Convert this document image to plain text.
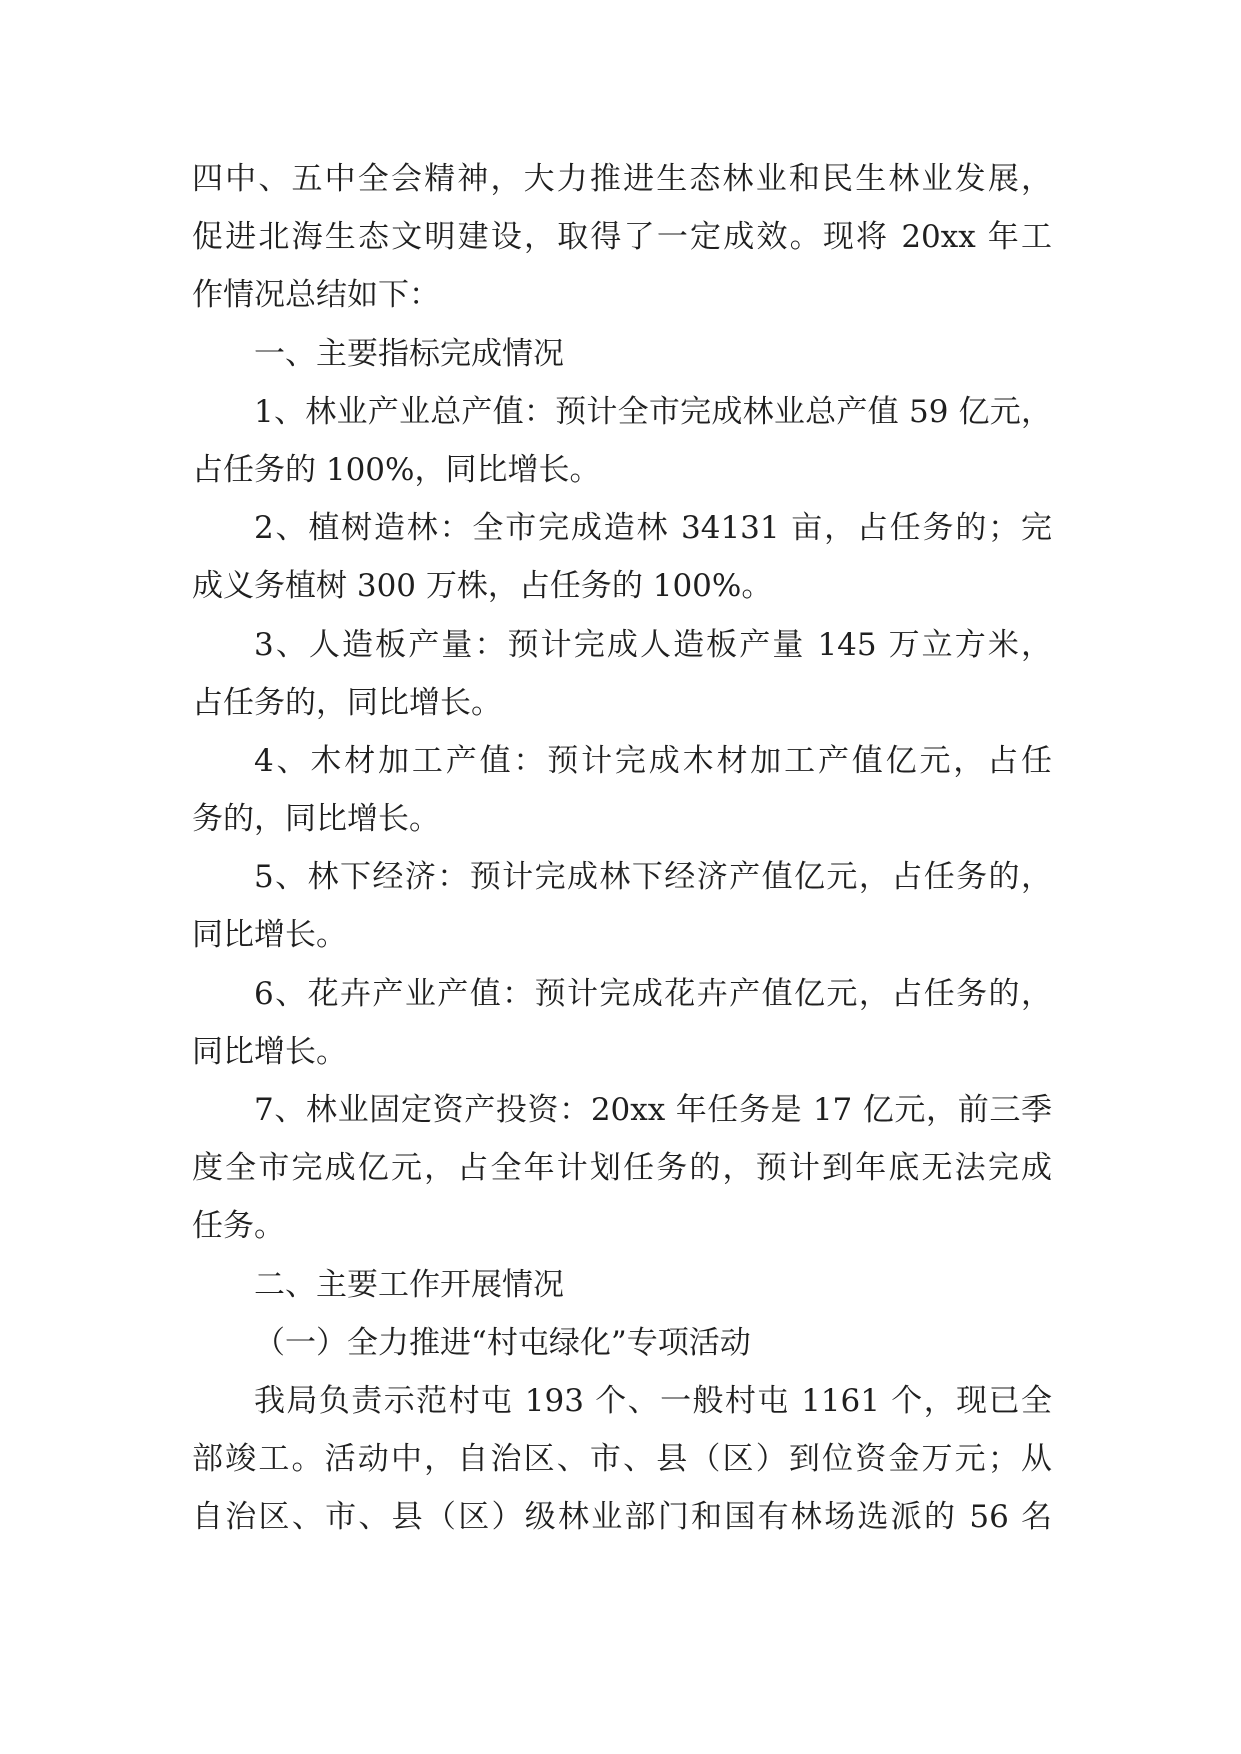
四中、五中全会精神，大力推进生态林业和民生林业发展，
促进北海生态文明建设，取得了一定成效。现将 20xx 年工
作情况总结如下：
一、主要指标完成情况
1、林业产业总产值：预计全市完成林业总产值 59 亿元，
占任务的 100%，同比增长。
2、植树造林：全市完成造林 34131 亩，占任务的；完
成义务植树 300 万株，占任务的 100%。
3、人造板产量：预计完成人造板产量 145 万立方米，
占任务的，同比增长。
4、木材加工产值：预计完成木材加工产值亿元，占任
务的，同比增长。
5、林下经济：预计完成林下经济产值亿元，占任务的，
同比增长。
6、花卉产业产值：预计完成花卉产值亿元，占任务的，
同比增长。
7、林业固定资产投资：20xx 年任务是 17 亿元，前三季
度全市完成亿元，占全年计划任务的，预计到年底无法完成
任务。
二、主要工作开展情况
（一）全力推进“村屯绿化”专项活动
我局负责示范村屯 193 个、一般村屯 1161 个，现已全
部竣工。活动中，自治区、市、县（区）到位资金万元；从
自治区、市、县（区）级林业部门和国有林场选派的 56 名
